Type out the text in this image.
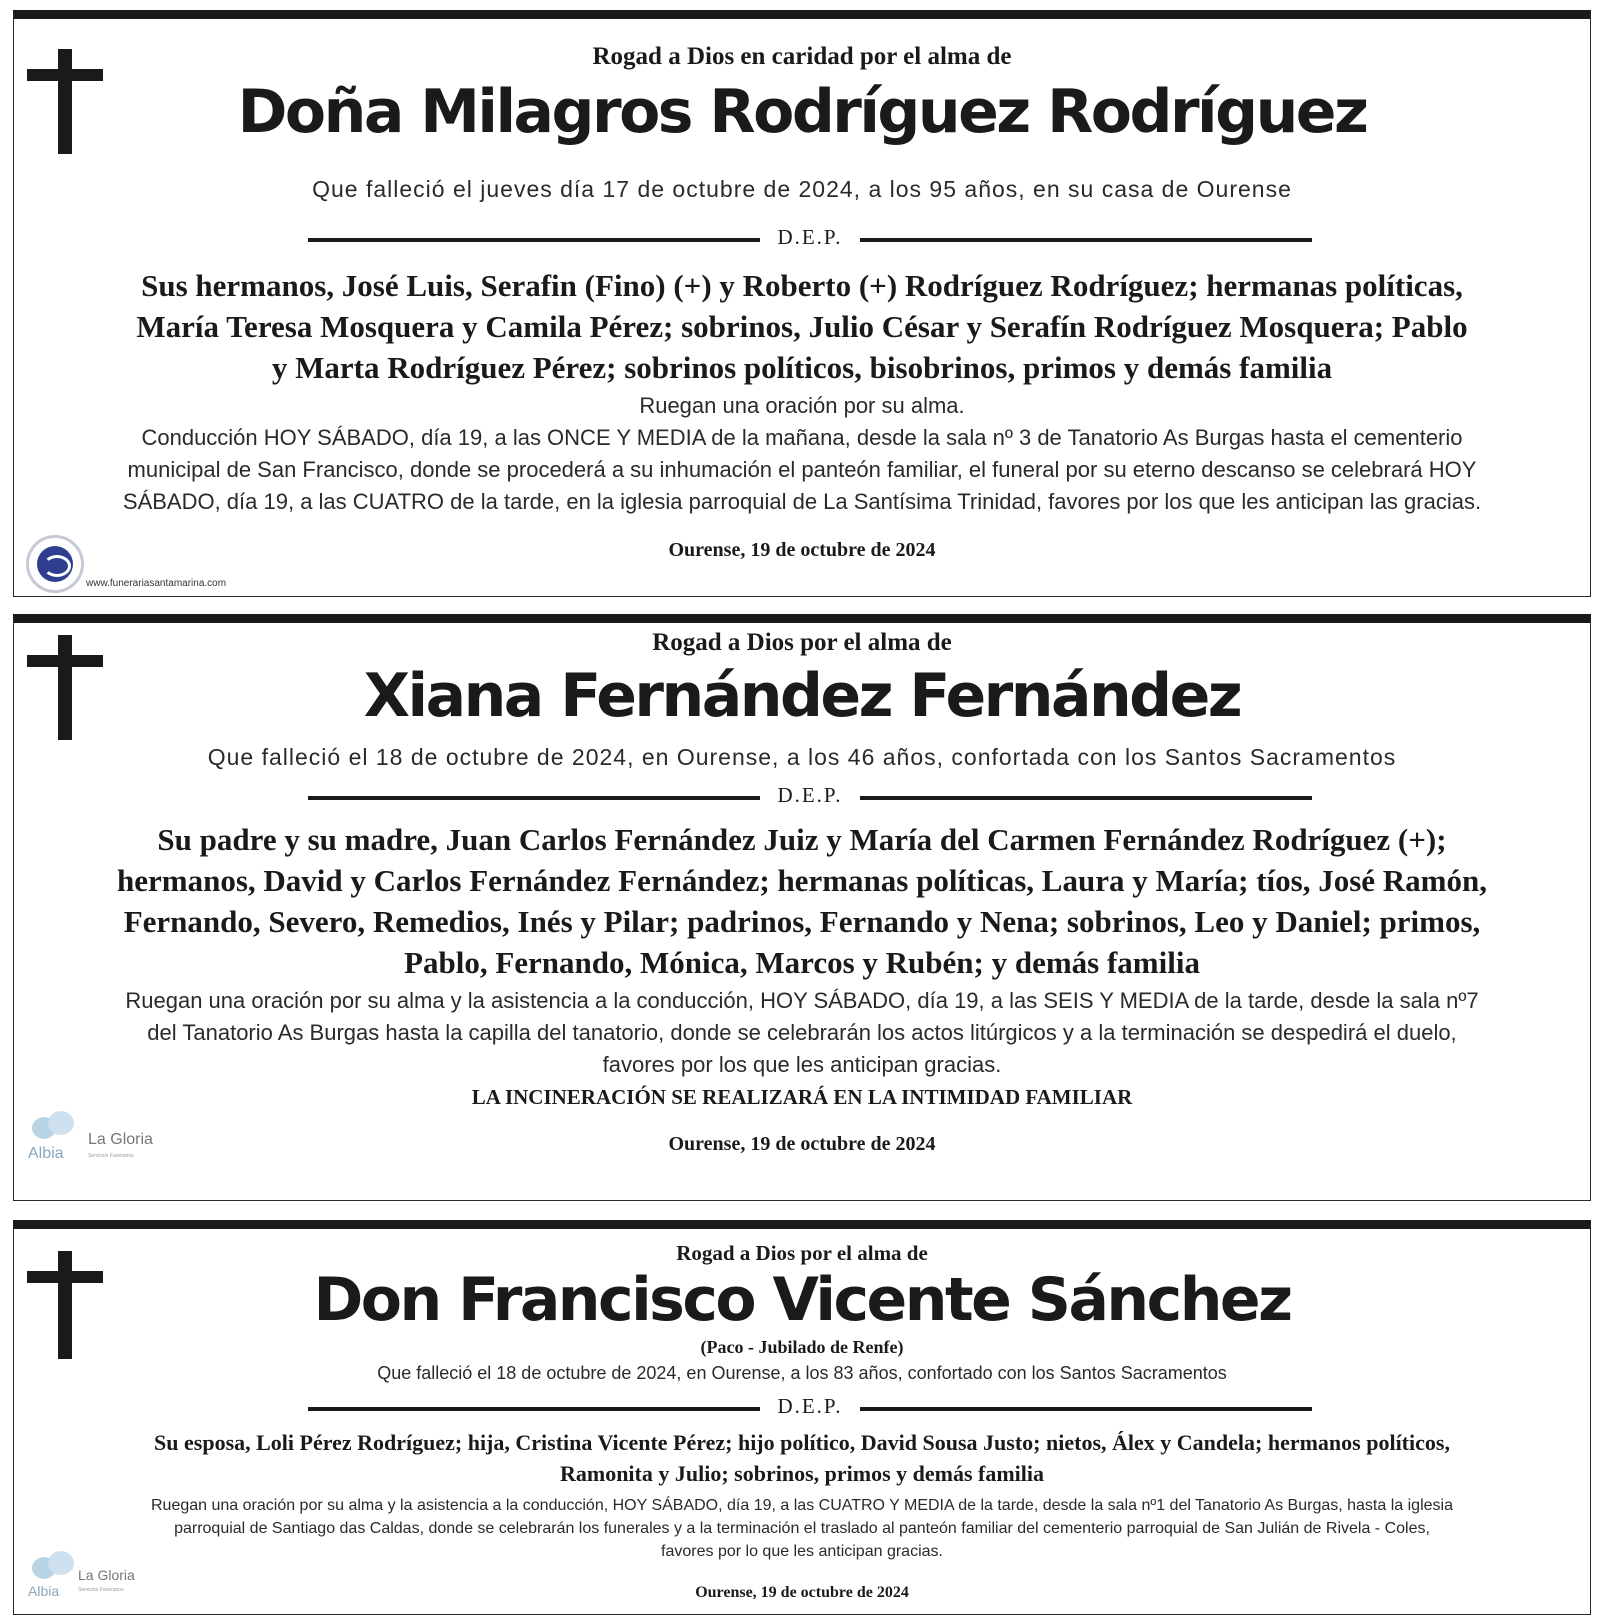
Rogad a Dios en caridad por el alma de
Doña Milagros Rodríguez Rodríguez
Que falleció el jueves día 17 de octubre de 2024, a los 95 años, en su casa de Ourense
D.E.P.
Sus hermanos, José Luis, Serafin (Fino) (+) y Roberto (+) Rodríguez Rodríguez; hermanas políticas,
María Teresa Mosquera y Camila Pérez; sobrinos, Julio César y Serafín Rodríguez Mosquera; Pablo
y Marta Rodríguez Pérez; sobrinos políticos, bisobrinos, primos y demás familia
Ruegan una oración por su alma.
Conducción HOY SÁBADO, día 19, a las ONCE Y MEDIA de la mañana, desde la sala nº 3 de Tanatorio As Burgas hasta el cementerio
municipal de San Francisco, donde se procederá a su inhumación el panteón familiar, el funeral por su eterno descanso se celebrará HOY
SÁBADO, día 19, a las CUATRO de la tarde, en la iglesia parroquial de La Santísima Trinidad, favores por los que les anticipan las gracias.
Ourense, 19 de octubre de 2024
www.funerariasantamarina.com
Rogad a Dios por el alma de
Xiana Fernández Fernández
Que falleció el 18 de octubre de 2024, en Ourense, a los 46 años, confortada con los Santos Sacramentos
D.E.P.
Su padre y su madre, Juan Carlos Fernández Juiz y María del Carmen Fernández Rodríguez (+);
hermanos, David y Carlos Fernández Fernández; hermanas políticas, Laura y María; tíos, José Ramón,
Fernando, Severo, Remedios, Inés y Pilar; padrinos, Fernando y Nena; sobrinos, Leo y Daniel; primos,
Pablo, Fernando, Mónica, Marcos y Rubén; y demás familia
Ruegan una oración por su alma y la asistencia a la conducción, HOY SÁBADO, día 19, a las SEIS Y MEDIA de la tarde, desde la sala nº7
del Tanatorio As Burgas hasta la capilla del tanatorio, donde se celebrarán los actos litúrgicos y a la terminación se despedirá el duelo,
favores por los que les anticipan gracias.
LA INCINERACIÓN SE REALIZARÁ EN LA INTIMIDAD FAMILIAR
Ourense, 19 de octubre de 2024
Albia
La Gloria
Servicios Funerarios
Rogad a Dios por el alma de
Don Francisco Vicente Sánchez
(Paco - Jubilado de Renfe)
Que falleció el 18 de octubre de 2024, en Ourense, a los 83 años, confortado con los Santos Sacramentos
D.E.P.
Su esposa, Loli Pérez Rodríguez; hija, Cristina Vicente Pérez; hijo político, David Sousa Justo; nietos, Álex y Candela; hermanos políticos,
Ramonita y Julio; sobrinos, primos y demás familia
Ruegan una oración por su alma y la asistencia a la conducción, HOY SÁBADO, día 19, a las CUATRO Y MEDIA de la tarde, desde la sala nº1 del Tanatorio As Burgas, hasta la iglesia
parroquial de Santiago das Caldas, donde se celebrarán los funerales y a la terminación el traslado al panteón familiar del cementerio parroquial de San Julián de Rivela - Coles,
favores por lo que les anticipan gracias.
Ourense, 19 de octubre de 2024
Albia
La Gloria
Servicios Funerarios
